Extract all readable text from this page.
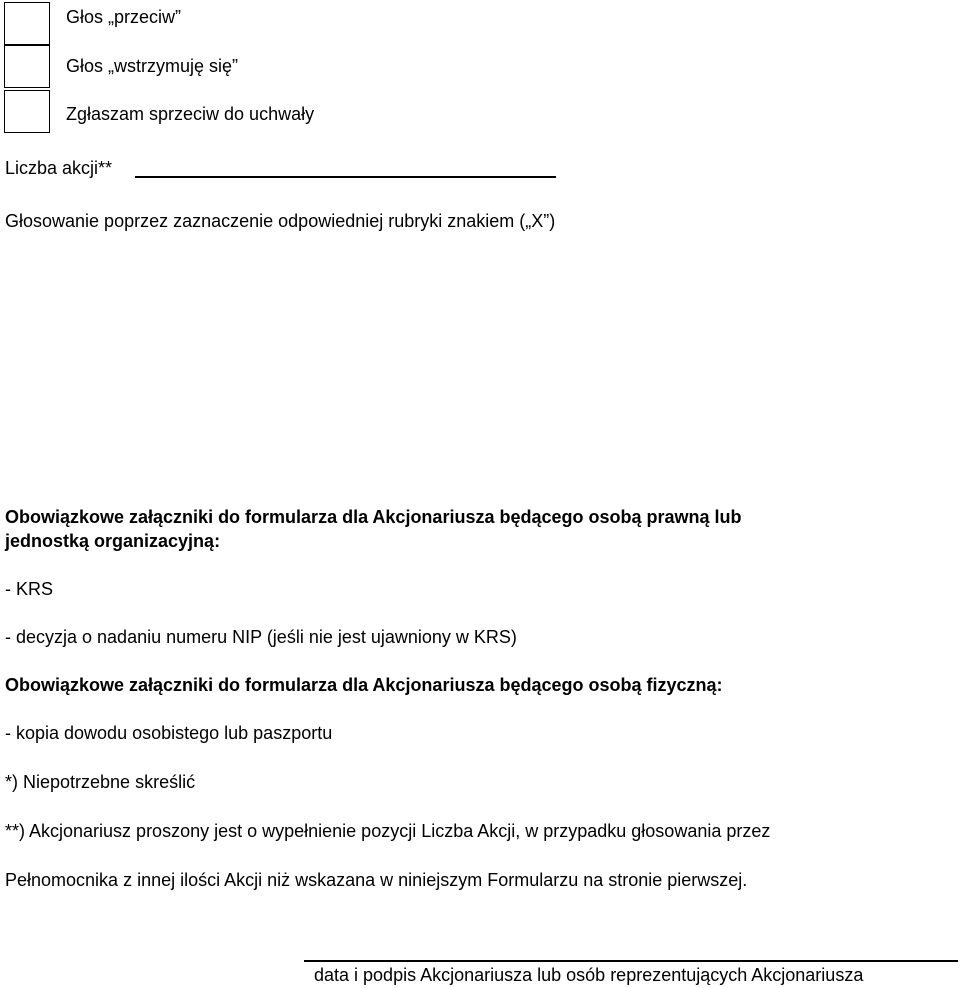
Głos „przeciw”
Głos „wstrzymuję się”
Zgłaszam sprzeciw do uchwały
Liczba akcji**
Głosowanie poprzez zaznaczenie odpowiedniej rubryki znakiem („X”)
Obowiązkowe załączniki do formularza dla Akcjonariusza będącego osobą prawną lub
jednostką organizacyjną:
- KRS
- decyzja o nadaniu numeru NIP (jeśli nie jest ujawniony w KRS)
Obowiązkowe załączniki do formularza dla Akcjonariusza będącego osobą fizyczną:
- kopia dowodu osobistego lub paszportu
*) Niepotrzebne skreślić
**) Akcjonariusz proszony jest o wypełnienie pozycji Liczba Akcji, w przypadku głosowania przez
Pełnomocnika z innej ilości Akcji niż wskazana w niniejszym Formularzu na stronie pierwszej.
data i podpis Akcjonariusza lub osób reprezentujących Akcjonariusza
